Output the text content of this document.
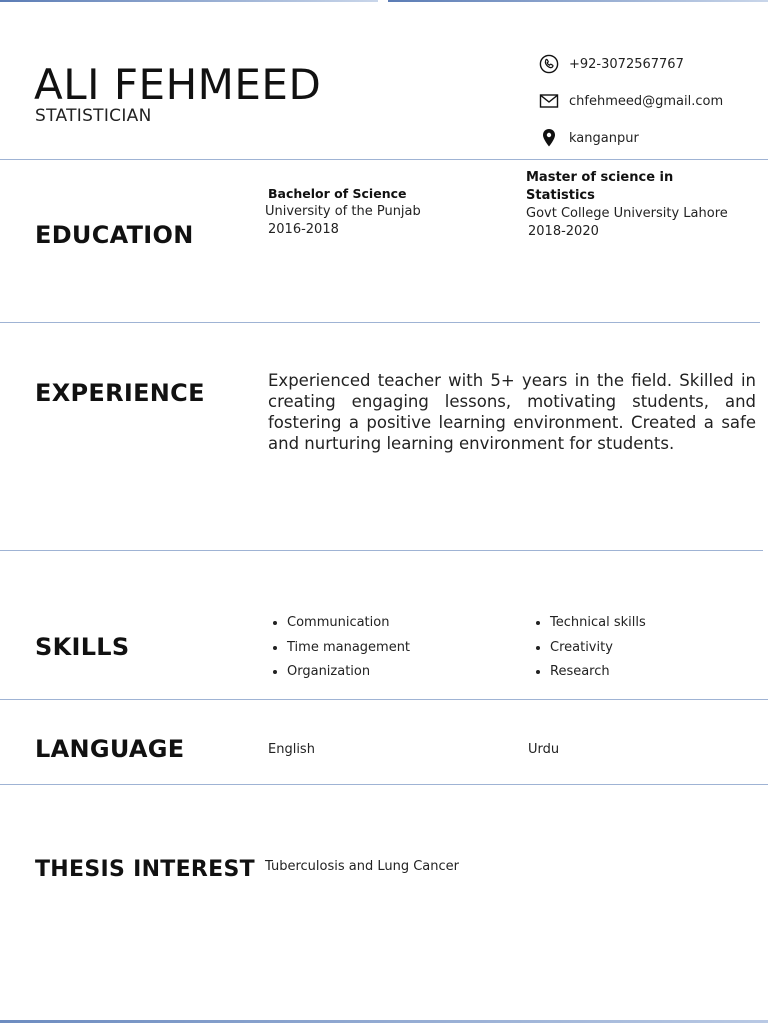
ALI FEHMEED
STATISTICIAN
+92-3072567767
chfehmeed@gmail.com
kanganpur
EDUCATION
Bachelor of Science
University of the Punjab
2016-2018
Master of science in
Statistics
Govt College University Lahore
2018-2020
EXPERIENCE	Experienced teacher with 5+ years in the field. Skilled in creating engaging lessons, motivating students, and fostering a positive learning environment. Created a safe and nurturing learning environment for students.
SKILLS
• Communication
• Time management
• Organization
• Technical skills
• Creativity
• Research
LANGUAGE	English	Urdu
THESIS INTEREST Tuberculosis and Lung Cancer
